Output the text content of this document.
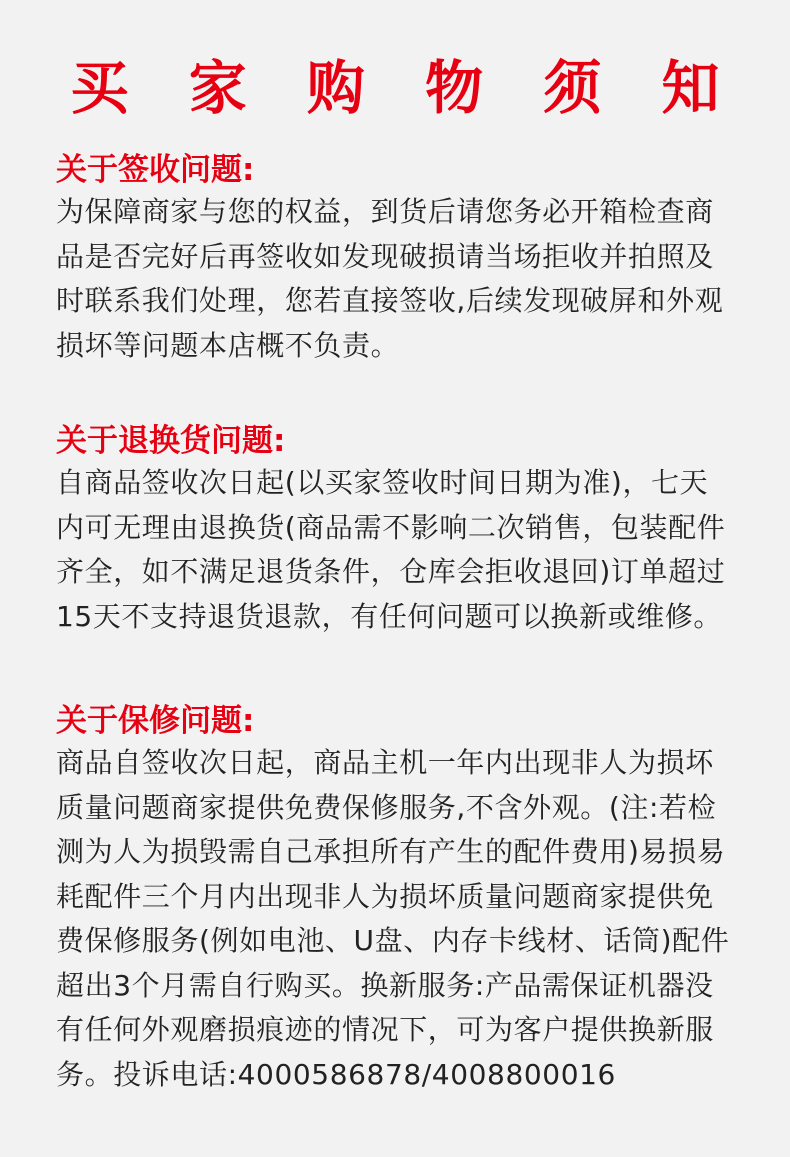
买 家 购 物 须 知
关于签收问题:

为保障商家与您的权益，到货后请您务必开箱检查商
品是否完好后再签收如发现破损请当场拒收并拍照及
时联系我们处理，您若直接签收,后续发现破屏和外观
损坏等问题本店概不负责。

关于退换货问题:

自商品签收次日起(以买家签收时间日期为准)，七天
内可无理由退换货(商品需不影响二次销售，包装配件
齐全，如不满足退货条件，仓库会拒收退回)订单超过
15天不支持退货退款，有任何问题可以换新或维修。

关于保修问题:

商品自签收次日起，商品主机一年内出现非人为损坏
质量问题商家提供免费保修服务,不含外观。(注:若检
测为人为损毁需自己承担所有产生的配件费用)易损易
耗配件三个月内出现非人为损坏质量问题商家提供免
费保修服务(例如电池、U盘、内存卡线材、话筒)配件
超出3个月需自行购买。换新服务:产品需保证机器没
有任何外观磨损痕迹的情况下，可为客户提供换新服
务。投诉电话:4000586878/4008800016
